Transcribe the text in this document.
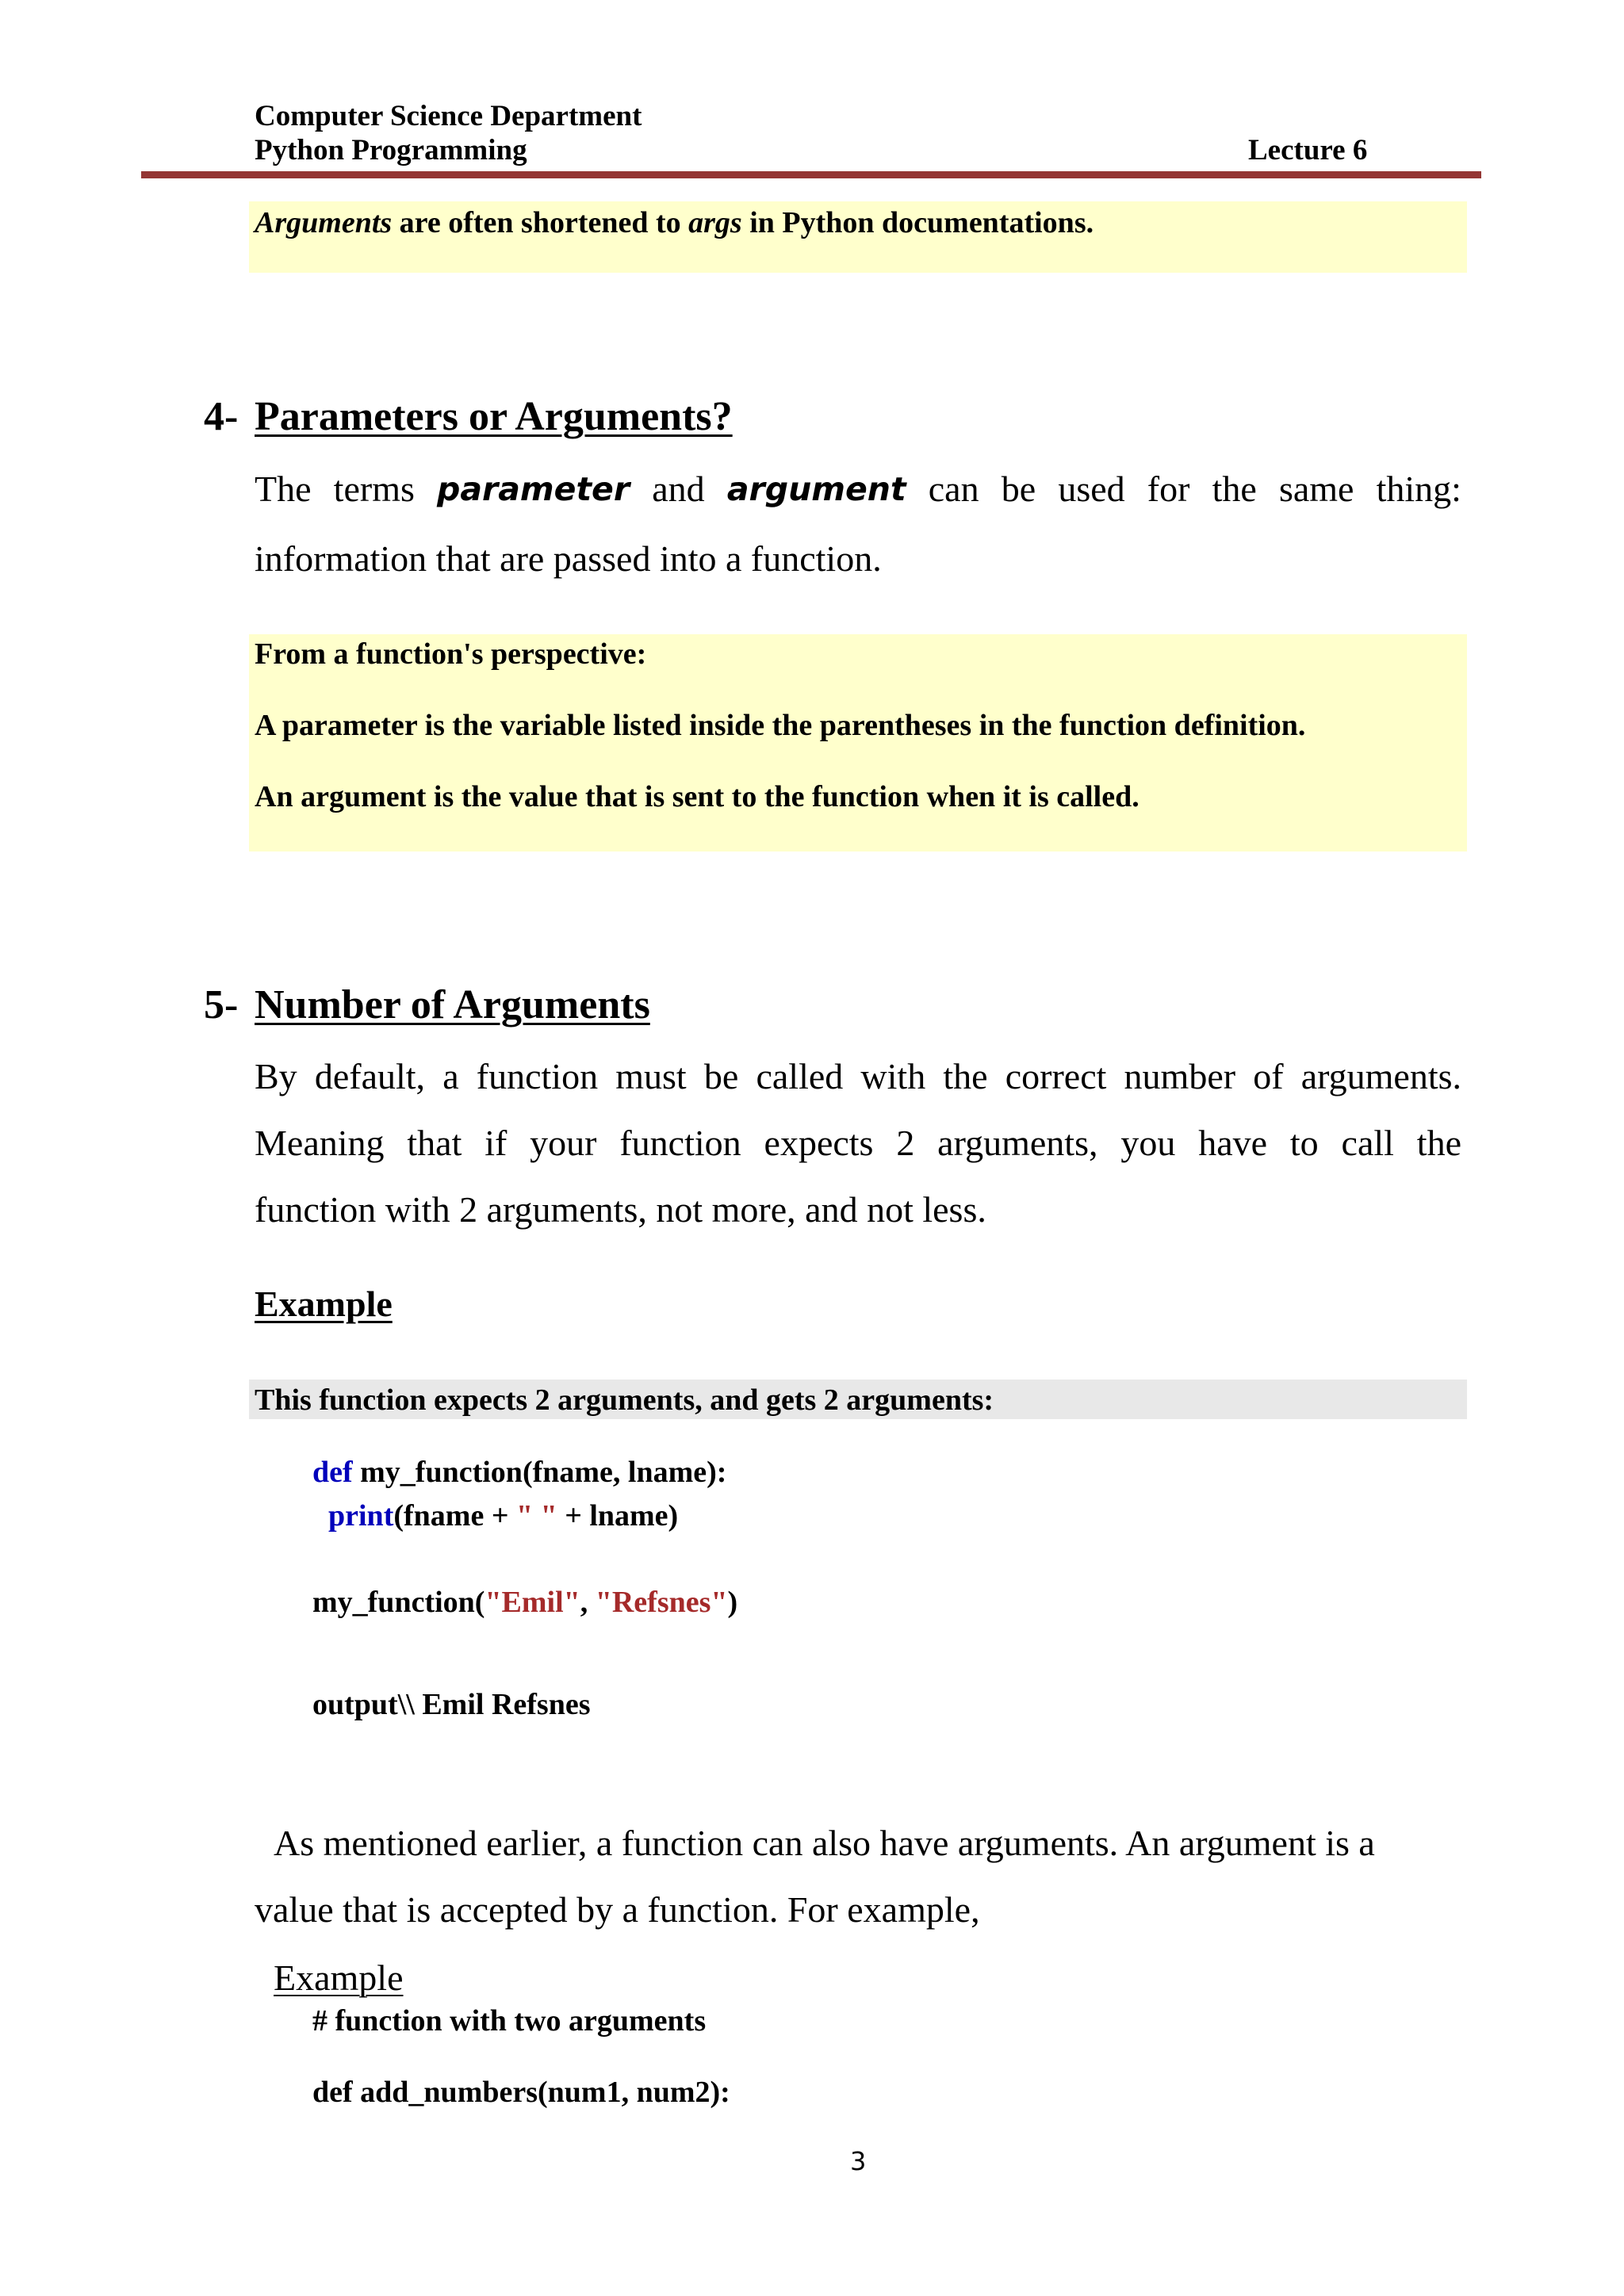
Computer Science Department
Python Programming	Lecture 6
Arguments are often shortened to args in Python documentations.
4- Parameters or Arguments?
The terms parameter and argument can be used for the same thing:
information that are passed into a function.
From a function's perspective:
A parameter is the variable listed inside the parentheses in the function definition.
An argument is the value that is sent to the function when it is called.
5- Number of Arguments
By default, a function must be called with the correct number of arguments.
Meaning that if your function expects 2 arguments, you have to call the
function with 2 arguments, not more, and not less.
Example
This function expects 2 arguments, and gets 2 arguments:
def my_function(fname, lname):
print(fname + " " + lname)
my_function("Emil", "Refsnes")
output\\ Emil Refsnes
As mentioned earlier, a function can also have arguments. An argument is a
value that is accepted by a function. For example,
Example
# function with two arguments
def add_numbers(num1, num2):
3
